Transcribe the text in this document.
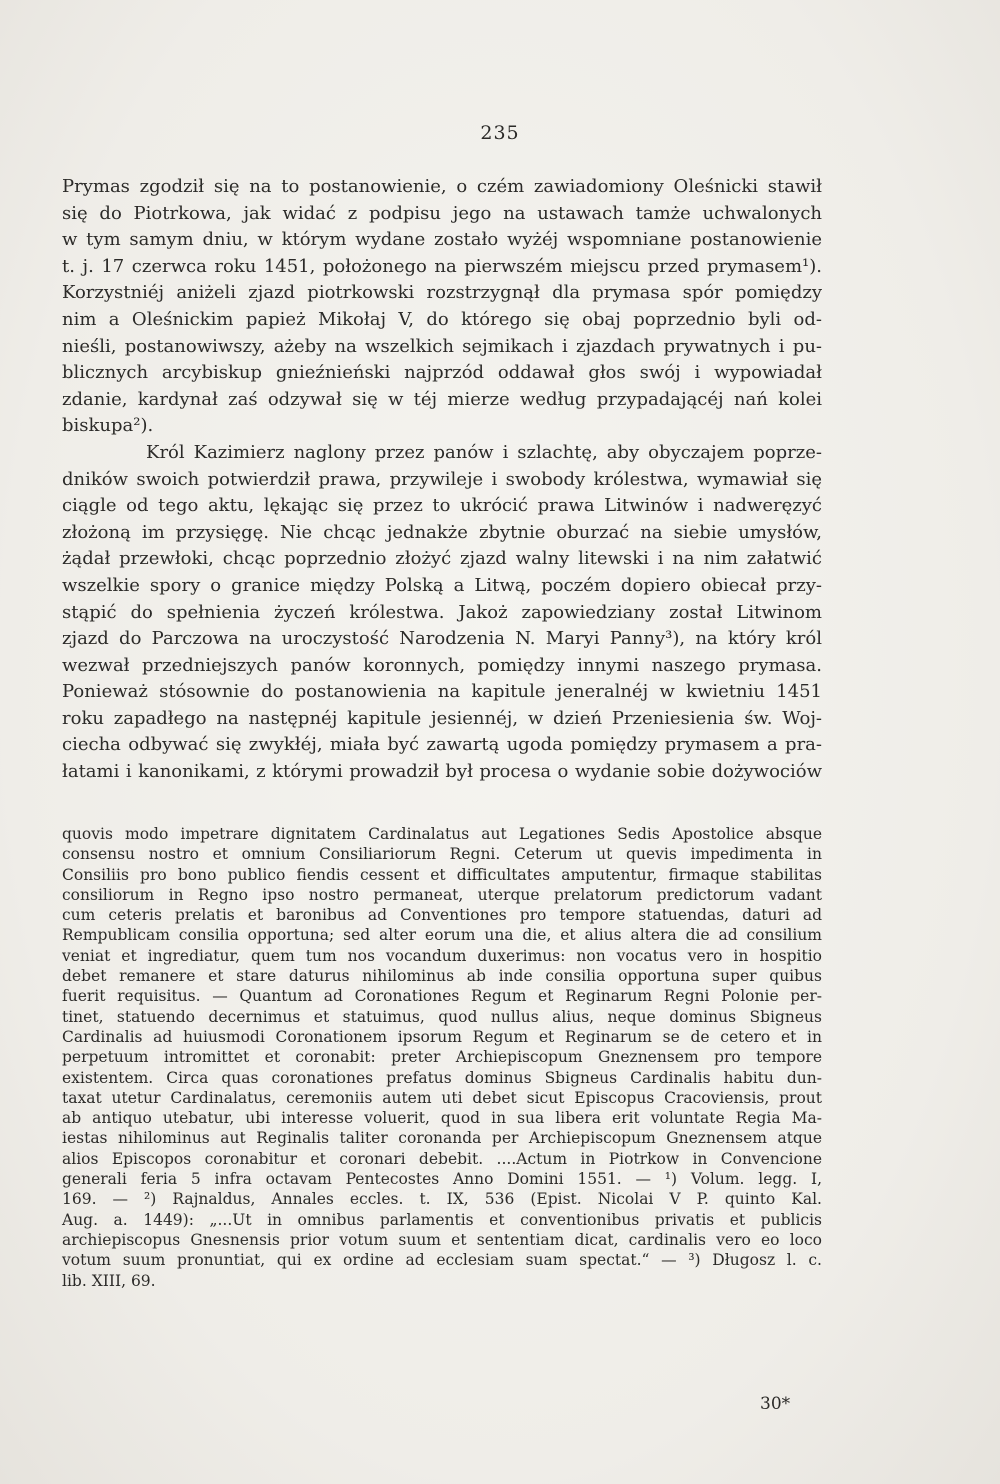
235
Prymas zgodził się na to postanowienie, o czém zawiadomiony Oleśnicki stawił
się do Piotrkowa, jak widać z podpisu jego na ustawach tamże uchwalonych
w tym samym dniu, w którym wydane zostało wyżéj wspomniane postanowienie
t. j. 17 czerwca roku 1451, położonego na pierwszém miejscu przed prymasem¹).
Korzystniéj aniżeli zjazd piotrkowski rozstrzygnął dla prymasa spór pomiędzy
nim a Oleśnickim papież Mikołaj V, do którego się obaj poprzednio byli od-
nieśli, postanowiwszy, ażeby na wszelkich sejmikach i zjazdach prywatnych i pu-
blicznych arcybiskup gnieźnieński najprzód oddawał głos swój i wypowiadał
zdanie, kardynał zaś odzywał się w téj mierze według przypadającéj nań kolei
biskupa²).
Król Kazimierz naglony przez panów i szlachtę, aby obyczajem poprze-
dników swoich potwierdził prawa, przywileje i swobody królestwa, wymawiał się
ciągle od tego aktu, lękając się przez to ukrócić prawa Litwinów i nadweręzyć
złożoną im przysięgę. Nie chcąc jednakże zbytnie oburzać na siebie umysłów,
żądał przewłoki, chcąc poprzednio złożyć zjazd walny litewski i na nim załatwić
wszelkie spory o granice między Polską a Litwą, poczém dopiero obiecał przy-
stąpić do spełnienia życzeń królestwa. Jakoż zapowiedziany został Litwinom
zjazd do Parczowa na uroczystość Narodzenia N. Maryi Panny³), na który król
wezwał przedniejszych panów koronnych, pomiędzy innymi naszego prymasa.
Ponieważ stósownie do postanowienia na kapitule jeneralnéj w kwietniu 1451
roku zapadłego na następnéj kapitule jesiennéj, w dzień Przeniesienia św. Woj-
ciecha odbywać się zwykłéj, miała być zawartą ugoda pomiędzy prymasem a pra-
łatami i kanonikami, z którymi prowadził był procesa o wydanie sobie dożywociów
quovis modo impetrare dignitatem Cardinalatus aut Legationes Sedis Apostolice absque
consensu nostro et omnium Consiliariorum Regni. Ceterum ut quevis impedimenta in
Consiliis pro bono publico fiendis cessent et difficultates amputentur, firmaque stabilitas
consiliorum in Regno ipso nostro permaneat, uterque prelatorum predictorum vadant
cum ceteris prelatis et baronibus ad Conventiones pro tempore statuendas, daturi ad
Rempublicam consilia opportuna; sed alter eorum una die, et alius altera die ad consilium
veniat et ingrediatur, quem tum nos vocandum duxerimus: non vocatus vero in hospitio
debet remanere et stare daturus nihilominus ab inde consilia opportuna super quibus
fuerit requisitus. — Quantum ad Coronationes Regum et Reginarum Regni Polonie per-
tinet, statuendo decernimus et statuimus, quod nullus alius, neque dominus Sbigneus
Cardinalis ad huiusmodi Coronationem ipsorum Regum et Reginarum se de cetero et in
perpetuum intromittet et coronabit: preter Archiepiscopum Gneznensem pro tempore
existentem. Circa quas coronationes prefatus dominus Sbigneus Cardinalis habitu dun-
taxat utetur Cardinalatus, ceremoniis autem uti debet sicut Episcopus Cracoviensis, prout
ab antiquo utebatur, ubi interesse voluerit, quod in sua libera erit voluntate Regia Ma-
iestas nihilominus aut Reginalis taliter coronanda per Archiepiscopum Gneznensem atque
alios Episcopos coronabitur et coronari debebit. ....Actum in Piotrkow in Convencione
generali feria 5 infra octavam Pentecostes Anno Domini 1551. — ¹) Volum. legg. I,
169. — ²) Rajnaldus, Annales eccles. t. IX, 536 (Epist. Nicolai V P. quinto Kal.
Aug. a. 1449): „...Ut in omnibus parlamentis et conventionibus privatis et publicis
archiepiscopus Gnesnensis prior votum suum et sententiam dicat, cardinalis vero eo loco
votum suum pronuntiat, qui ex ordine ad ecclesiam suam spectat.“ — ³) Długosz l. c.
lib. XIII, 69.
30*
